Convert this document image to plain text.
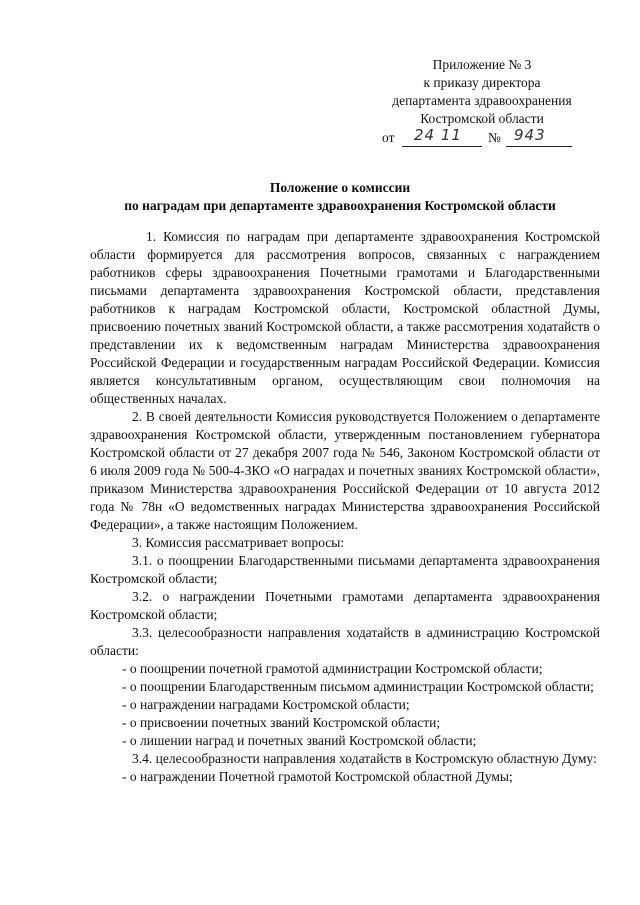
Приложение № 3
к приказу директора
департамента здравоохранения
Костромской области
от 24 11 № 943
Положение о комиссии
по наградам при департаменте здравоохранения Костромской области

1. Комиссия по наградам при департаменте здравоохранения Костромской области формируется для рассмотрения вопросов, связанных с награждением работников сферы здравоохранения Почетными грамотами и Благодарственными письмами департамента здравоохранения Костромской области, представления работников к наградам Костромской области, Костромской областной Думы, присвоению почетных званий Костромской области, а также рассмотрения ходатайств о представлении их к ведомственным наградам Министерства здравоохранения Российской Федерации и государственным наградам Российской Федерации. Комиссия является консультативным органом, осуществляющим свои полномочия на общественных началах.

2. В своей деятельности Комиссия руководствуется Положением о департаменте здравоохранения Костромской области, утвержденным постановлением губернатора Костромской области от 27 декабря 2007 года № 546, Законом Костромской области от 6 июля 2009 года № 500-4-ЗКО «О наградах и почетных званиях Костромской области», приказом Министерства здравоохранения Российской Федерации от 10 августа 2012 года № 78н «О ведомственных наградах Министерства здравоохранения Российской Федерации», а также настоящим Положением.

3. Комиссия рассматривает вопросы:

3.1. о поощрении Благодарственными письмами департамента здравоохранения Костромской области;

3.2. о награждении Почетными грамотами департамента здравоохранения Костромской области;

3.3. целесообразности направления ходатайств в администрацию Костромской области:

- о поощрении почетной грамотой администрации Костромской области;

- о поощрении Благодарственным письмом администрации Костромской области;

- о награждении наградами Костромской области;

- о присвоении почетных званий Костромской области;

- о лишении наград и почетных званий Костромской области;

3.4. целесообразности направления ходатайств в Костромскую областную Думу:

- о награждении Почетной грамотой Костромской областной Думы;
